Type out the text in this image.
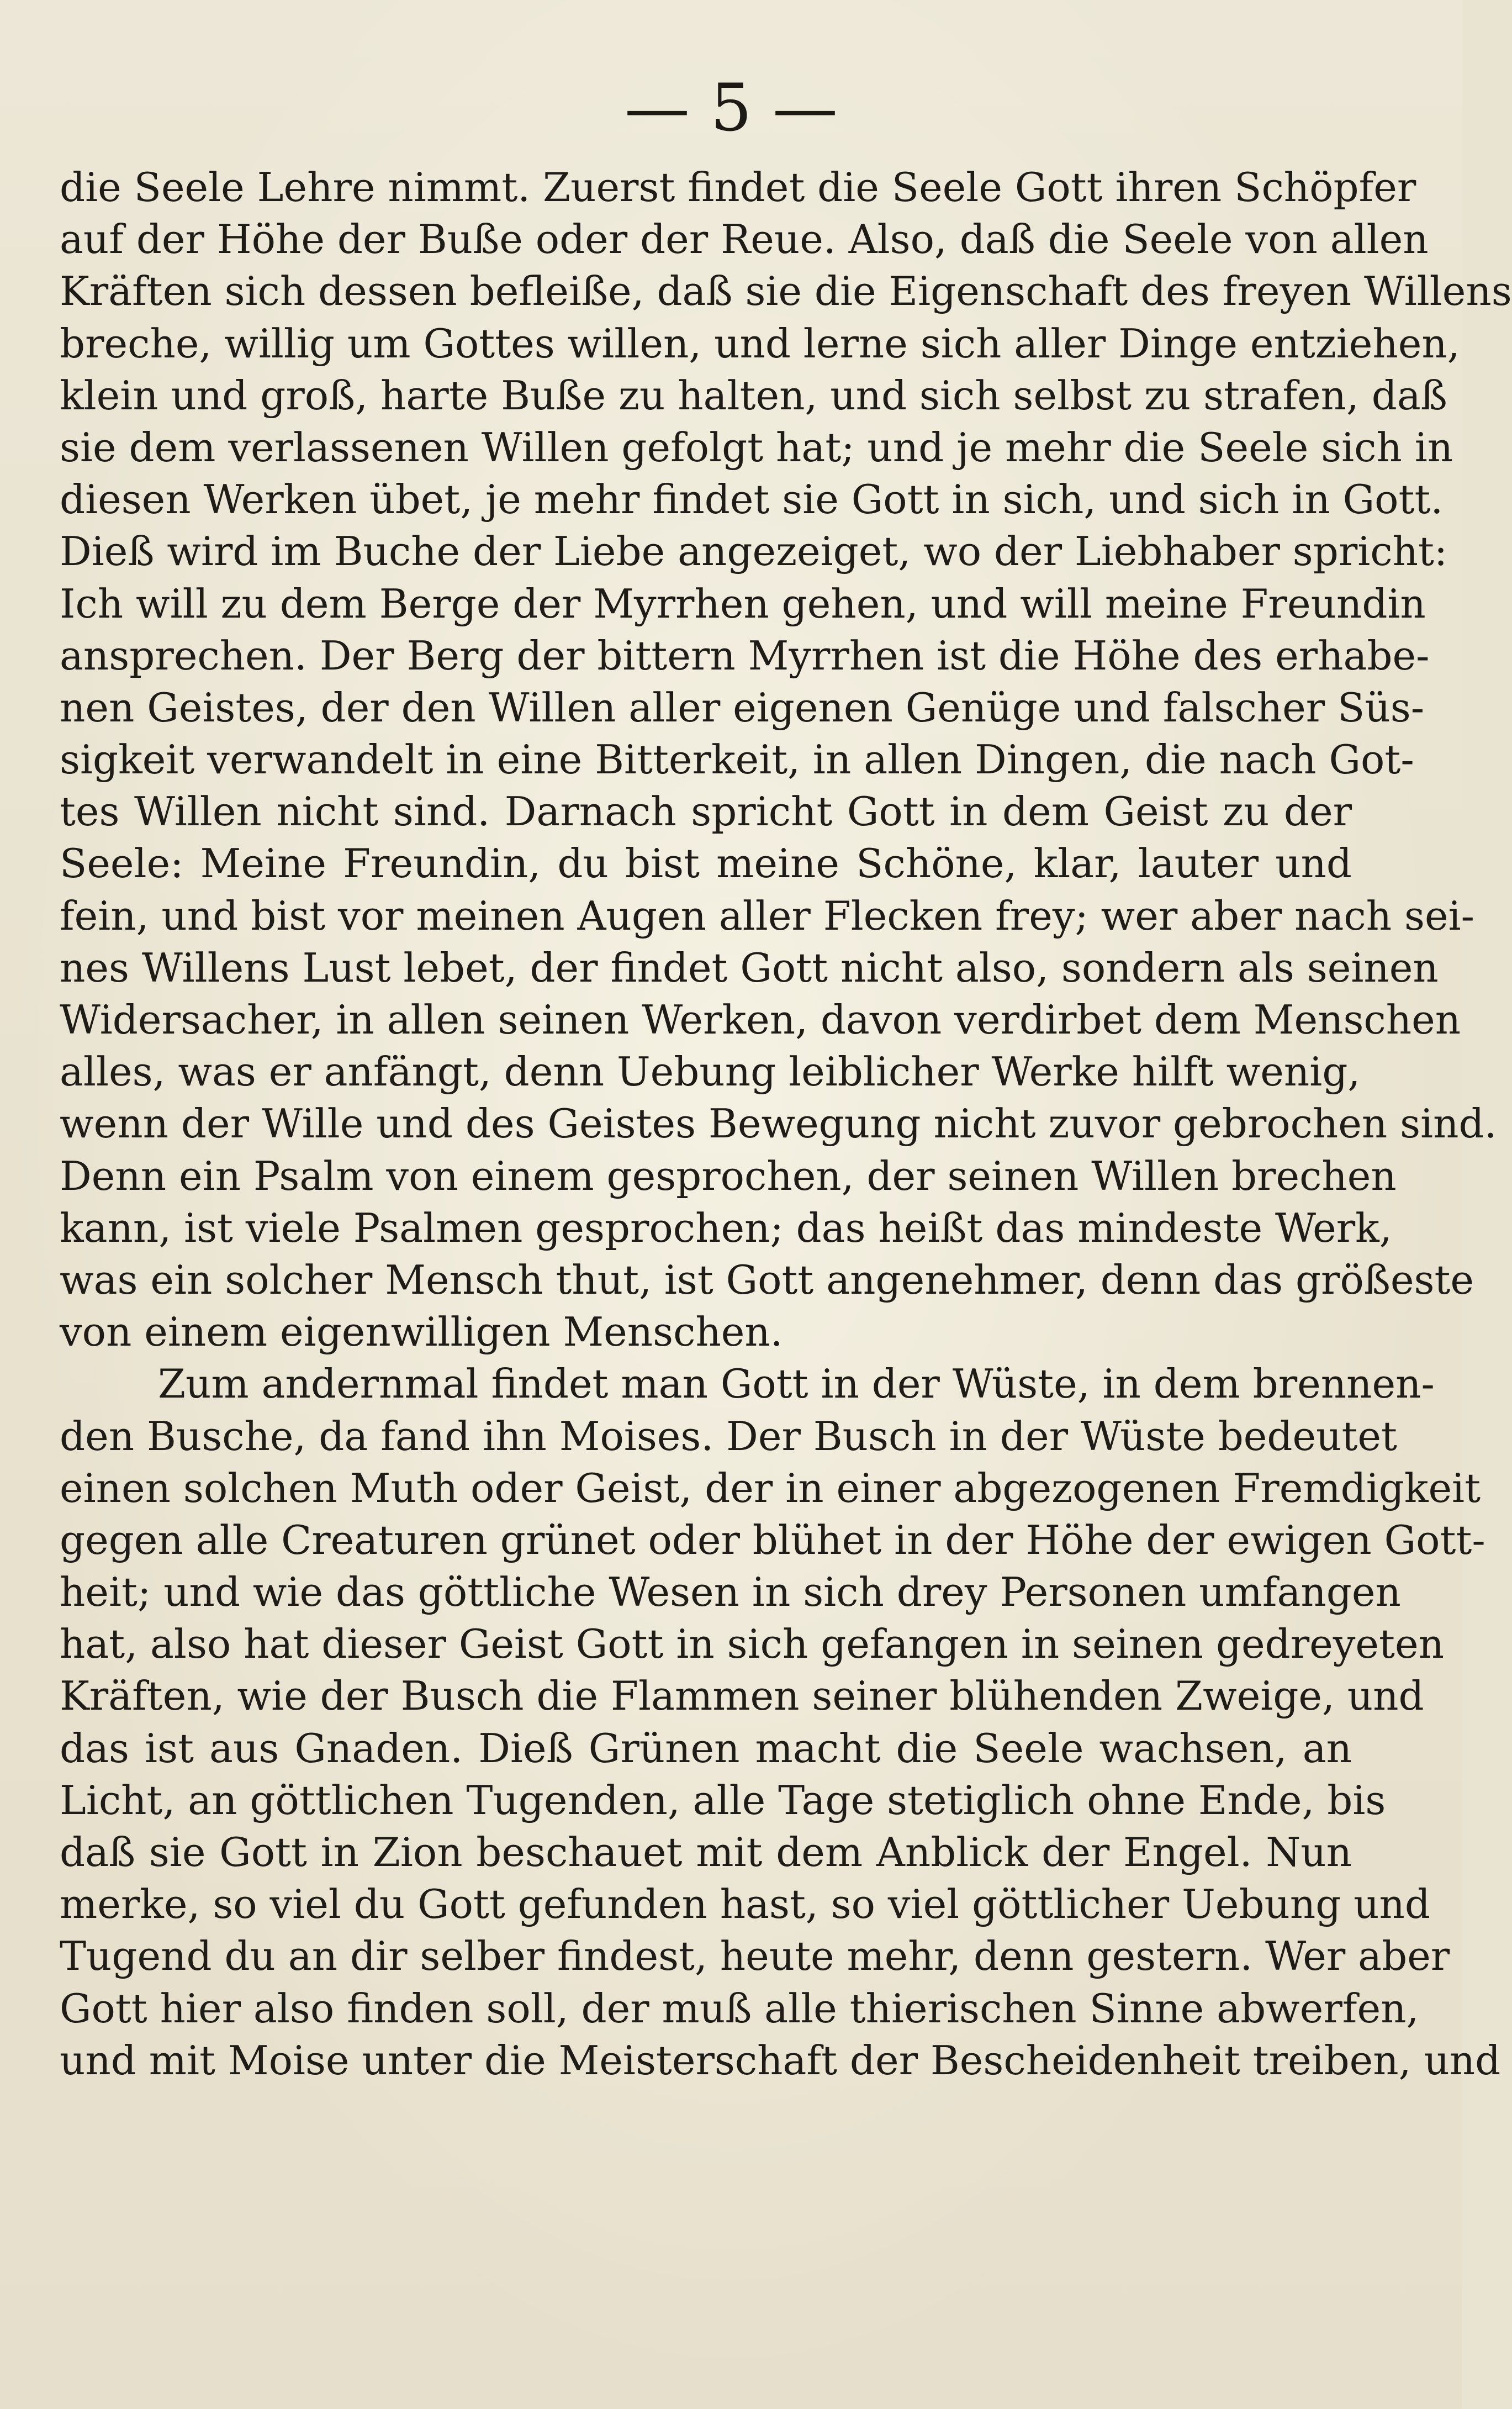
— 5 —
die Seele Lehre nimmt. Zuerst findet die Seele Gott ihren Schöpfer
auf der Höhe der Buße oder der Reue. Also, daß die Seele von allen
Kräften sich dessen befleiße, daß sie die Eigenschaft des freyen Willens
breche, willig um Gottes willen, und lerne sich aller Dinge entziehen,
klein und groß, harte Buße zu halten, und sich selbst zu strafen, daß
sie dem verlassenen Willen gefolgt hat; und je mehr die Seele sich in
diesen Werken übet, je mehr findet sie Gott in sich, und sich in Gott.
Dieß wird im Buche der Liebe angezeiget, wo der Liebhaber spricht:
Ich will zu dem Berge der Myrrhen gehen, und will meine Freundin
ansprechen. Der Berg der bittern Myrrhen ist die Höhe des erhabe-
nen Geistes, der den Willen aller eigenen Genüge und falscher Süs-
sigkeit verwandelt in eine Bitterkeit, in allen Dingen, die nach Got-
tes Willen nicht sind. Darnach spricht Gott in dem Geist zu der
Seele: Meine Freundin, du bist meine Schöne, klar, lauter und
fein, und bist vor meinen Augen aller Flecken frey; wer aber nach sei-
nes Willens Lust lebet, der findet Gott nicht also, sondern als seinen
Widersacher, in allen seinen Werken, davon verdirbet dem Menschen
alles, was er anfängt, denn Uebung leiblicher Werke hilft wenig,
wenn der Wille und des Geistes Bewegung nicht zuvor gebrochen sind.
Denn ein Psalm von einem gesprochen, der seinen Willen brechen
kann, ist viele Psalmen gesprochen; das heißt das mindeste Werk,
was ein solcher Mensch thut, ist Gott angenehmer, denn das größeste
von einem eigenwilligen Menschen.
Zum andernmal findet man Gott in der Wüste, in dem brennen-
den Busche, da fand ihn Moises. Der Busch in der Wüste bedeutet
einen solchen Muth oder Geist, der in einer abgezogenen Fremdigkeit
gegen alle Creaturen grünet oder blühet in der Höhe der ewigen Gott-
heit; und wie das göttliche Wesen in sich drey Personen umfangen
hat, also hat dieser Geist Gott in sich gefangen in seinen gedreyeten
Kräften, wie der Busch die Flammen seiner blühenden Zweige, und
das ist aus Gnaden. Dieß Grünen macht die Seele wachsen, an
Licht, an göttlichen Tugenden, alle Tage stetiglich ohne Ende, bis
daß sie Gott in Zion beschauet mit dem Anblick der Engel. Nun
merke, so viel du Gott gefunden hast, so viel göttlicher Uebung und
Tugend du an dir selber findest, heute mehr, denn gestern. Wer aber
Gott hier also finden soll, der muß alle thierischen Sinne abwerfen,
und mit Moise unter die Meisterschaft der Bescheidenheit treiben, und
